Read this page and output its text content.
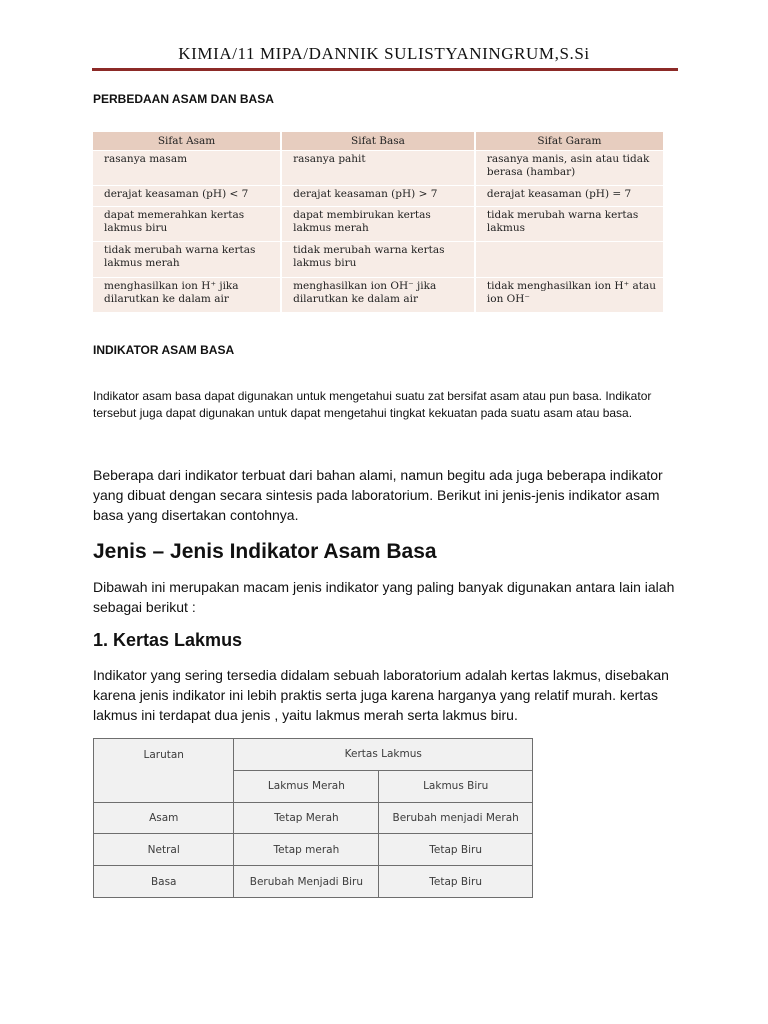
KIMIA/11 MIPA/DANNIK SULISTYANINGRUM,S.Si
PERBEDAAN ASAM DAN BASA
Sifat Asam	Sifat Basa	Sifat Garam
rasanya masam	rasanya pahit	rasanya manis, asin atau tidak berasa (hambar)
derajat keasaman (pH) < 7	derajat keasaman (pH) > 7	derajat keasaman (pH) = 7
dapat memerahkan kertas lakmus biru	dapat membirukan kertas lakmus merah	tidak merubah warna kertas lakmus
tidak merubah warna kertas lakmus merah	tidak merubah warna kertas lakmus biru	
menghasilkan ion H⁺ jika dilarutkan ke dalam air	menghasilkan ion OH⁻ jika dilarutkan ke dalam air	tidak menghasilkan ion H⁺ atau ion OH⁻
INDIKATOR ASAM BASA
Indikator asam basa dapat digunakan untuk mengetahui suatu zat bersifat asam atau pun basa. Indikator tersebut juga dapat digunakan untuk dapat mengetahui tingkat kekuatan pada suatu asam atau basa.
Beberapa dari indikator terbuat dari bahan alami, namun begitu ada juga beberapa indikator yang dibuat dengan secara sintesis pada laboratorium. Berikut ini jenis-jenis indikator asam basa yang disertakan contohnya.
Jenis – Jenis Indikator Asam Basa
Dibawah ini merupakan macam jenis indikator yang paling banyak digunakan antara lain ialah sebagai berikut :
1. Kertas Lakmus
Indikator yang sering tersedia didalam sebuah laboratorium adalah kertas lakmus, disebakan karena jenis indikator ini lebih praktis serta juga karena harganya yang relatif murah. kertas lakmus ini terdapat dua jenis , yaitu lakmus merah serta lakmus biru.
Larutan	Kertas Lakmus	
	Lakmus Merah	Lakmus Biru
Asam	Tetap Merah	Berubah menjadi Merah
Netral	Tetap merah	Tetap Biru
Basa	Berubah Menjadi Biru	Tetap Biru
